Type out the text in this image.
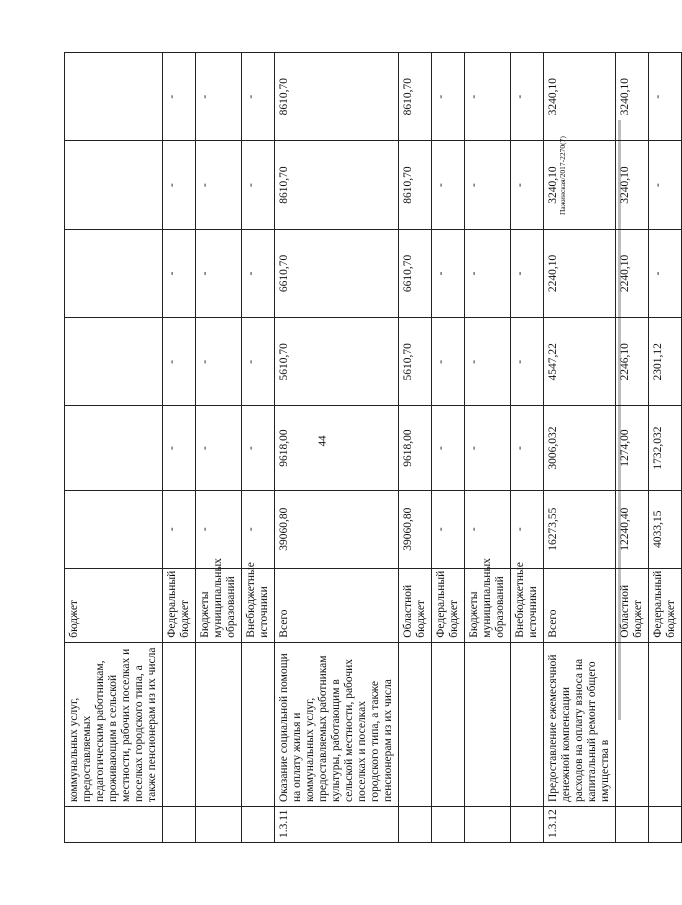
44
Пажинская/2017-2270(7)
	коммунальных услуг, предоставляемых педагогическим работникам, проживающим в сельской местности, рабочих поселках и поселках городского типа, а также пенсионерам из их числа	бюджет						
		Федеральный бюджет	-	-	-	-	-	-
		Бюджеты муниципальных образований	-	-	-	-	-	-
		Внебюджетные источники	-	-	-	-	-	-
1.3.11	Оказание социальной помощи на оплату жилья и коммунальных услуг, предоставляемых работникам культуры, работающим в сельской местности, рабочих поселках и поселках городского типа, а также пенсионерам из их числа	Всего	39060,80	9618,00	5610,70	6610,70	8610,70	8610,70
		Областной бюджет	39060,80	9618,00	5610,70	6610,70	8610,70	8610,70
		Федеральный бюджет	-	-	-	-	-	-
		Бюджеты муниципальных образований	-	-	-	-	-	-
		Внебюджетные источники	-	-	-	-	-	-
1.3.12	Предоставление ежемесячной денежной компенсации расходов на оплату взноса на капитальный ремонт общего имущества в	Всего	16273,55	3006,032	4547,22	2240,10	3240,10	3240,10
		Областной бюджет	12240,40	1274,00	2246,10	2240,10	3240,10	3240,10
		Федеральный бюджет	4033,15	1732,032	2301,12	-	-	-
